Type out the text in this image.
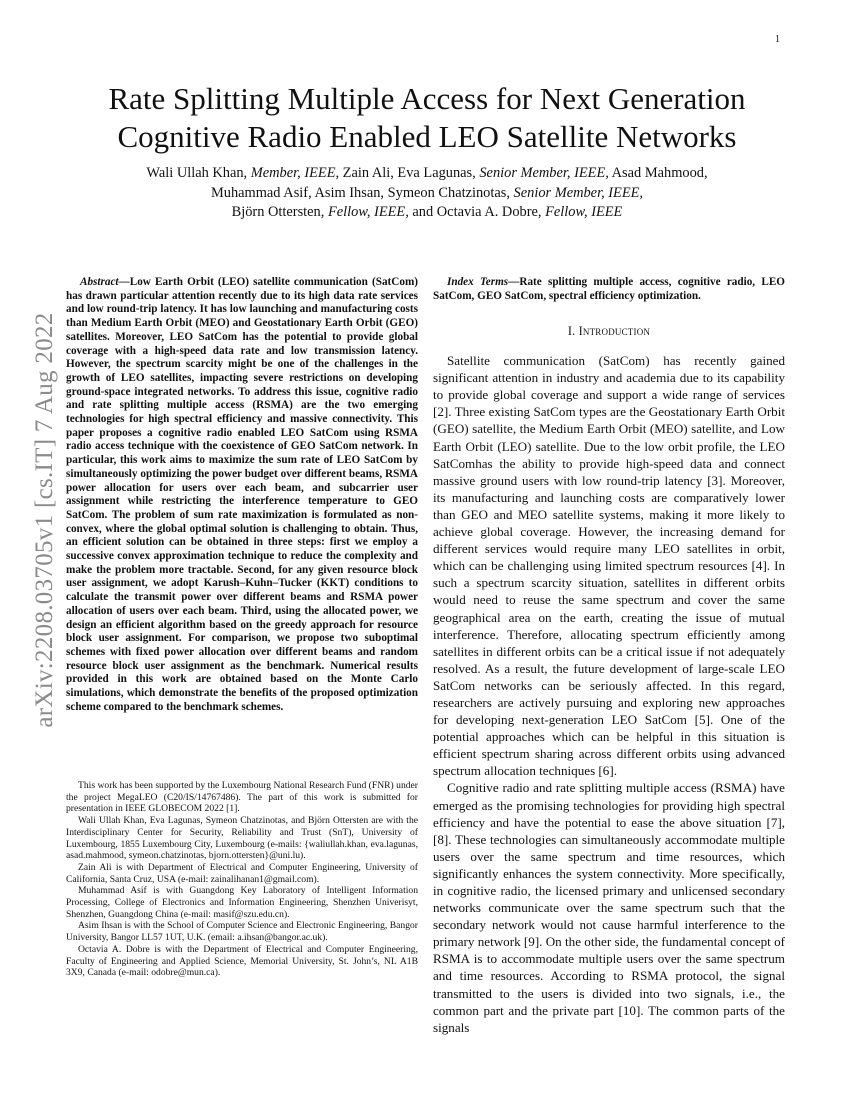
1
arXiv:2208.03705v1 [cs.IT] 7 Aug 2022
Rate Splitting Multiple Access for Next Generation
Cognitive Radio Enabled LEO Satellite Networks
Wali Ullah Khan, Member, IEEE, Zain Ali, Eva Lagunas, Senior Member, IEEE, Asad Mahmood,
Muhammad Asif, Asim Ihsan, Symeon Chatzinotas, Senior Member, IEEE,
Björn Ottersten, Fellow, IEEE, and Octavia A. Dobre, Fellow, IEEE

Abstract—Low Earth Orbit (LEO) satellite communication (SatCom) has drawn particular attention recently due to its high data rate services and low round-trip latency. It has low launching and manufacturing costs than Medium Earth Orbit (MEO) and Geostationary Earth Orbit (GEO) satellites. Moreover, LEO SatCom has the potential to provide global coverage with a high-speed data rate and low transmission latency. However, the spectrum scarcity might be one of the challenges in the growth of LEO satellites, impacting severe restrictions on developing ground-space integrated networks. To address this issue, cognitive radio and rate splitting multiple access (RSMA) are the two emerging technologies for high spectral efficiency and massive connectivity. This paper proposes a cognitive radio enabled LEO SatCom using RSMA radio access technique with the coexistence of GEO SatCom network. In particular, this work aims to maximize the sum rate of LEO SatCom by simultaneously optimizing the power budget over different beams, RSMA power allocation for users over each beam, and subcarrier user assignment while restricting the interference temperature to GEO SatCom. The problem of sum rate maximization is formulated as non-convex, where the global optimal solution is challenging to obtain. Thus, an efficient solution can be obtained in three steps: first we employ a successive convex approximation technique to reduce the complexity and make the problem more tractable. Second, for any given resource block user assignment, we adopt Karush–Kuhn–Tucker (KKT) conditions to calculate the transmit power over different beams and RSMA power allocation of users over each beam. Third, using the allocated power, we design an efficient algorithm based on the greedy approach for resource block user assignment. For comparison, we propose two suboptimal schemes with fixed power allocation over different beams and random resource block user assignment as the benchmark. Numerical results provided in this work are obtained based on the Monte Carlo simulations, which demonstrate the benefits of the proposed optimization scheme compared to the benchmark schemes.

This work has been supported by the Luxembourg National Research Fund (FNR) under the project MegaLEO (C20/IS/14767486). The part of this work is submitted for presentation in IEEE GLOBECOM 2022 [1].

Wali Ullah Khan, Eva Lagunas, Symeon Chatzinotas, and Björn Ottersten are with the Interdisciplinary Center for Security, Reliability and Trust (SnT), University of Luxembourg, 1855 Luxembourg City, Luxembourg (e-mails: {waliullah.khan, eva.lagunas, asad.mahmood, symeon.chatzinotas, bjorn.ottersten}@uni.lu).

Zain Ali is with Department of Electrical and Computer Engineering, University of California, Santa Cruz, USA (e-mail: zainalihanan1@gmail.com).

Muhammad Asif is with Guangdong Key Laboratory of Intelligent Information Processing, College of Electronics and Information Engineering, Shenzhen Univerisyt, Shenzhen, Guangdong China (e-mail: masif@szu.edu.cn).

Asim Ihsan is with the School of Computer Science and Electronic Engineering, Bangor University, Bangor LL57 1UT, U.K. (email: a.ihsan@bangor.ac.uk).

Octavia A. Dobre is with the Department of Electrical and Computer Engineering, Faculty of Engineering and Applied Science, Memorial University, St. John’s, NL A1B 3X9, Canada (e-mail: odobre@mun.ca).

Index Terms—Rate splitting multiple access, cognitive radio, LEO SatCom, GEO SatCom, spectral efficiency optimization.

I. Introduction

Satellite communication (SatCom) has recently gained significant attention in industry and academia due to its capability to provide global coverage and support a wide range of services [2]. Three existing SatCom types are the Geostationary Earth Orbit (GEO) satellite, the Medium Earth Orbit (MEO) satellite, and Low Earth Orbit (LEO) satellite. Due to the low orbit profile, the LEO SatComhas the ability to provide high-speed data and connect massive ground users with low round-trip latency [3]. Moreover, its manufacturing and launching costs are comparatively lower than GEO and MEO satellite systems, making it more likely to achieve global coverage. However, the increasing demand for different services would require many LEO satellites in orbit, which can be challenging using limited spectrum resources [4]. In such a spectrum scarcity situation, satellites in different orbits would need to reuse the same spectrum and cover the same geographical area on the earth, creating the issue of mutual interference. Therefore, allocating spectrum efficiently among satellites in different orbits can be a critical issue if not adequately resolved. As a result, the future development of large-scale LEO SatCom networks can be seriously affected. In this regard, researchers are actively pursuing and exploring new approaches for developing next-generation LEO SatCom [5]. One of the potential approaches which can be helpful in this situation is efficient spectrum sharing across different orbits using advanced spectrum allocation techniques [6].

Cognitive radio and rate splitting multiple access (RSMA) have emerged as the promising technologies for providing high spectral efficiency and have the potential to ease the above situation [7], [8]. These technologies can simultaneously accommodate multiple users over the same spectrum and time resources, which significantly enhances the system connectivity. More specifically, in cognitive radio, the licensed primary and unlicensed secondary networks communicate over the same spectrum such that the secondary network would not cause harmful interference to the primary network [9]. On the other side, the fundamental concept of RSMA is to accommodate multiple users over the same spectrum and time resources. According to RSMA protocol, the signal transmitted to the users is divided into two signals, i.e., the common part and the private part [10]. The common parts of the signals
